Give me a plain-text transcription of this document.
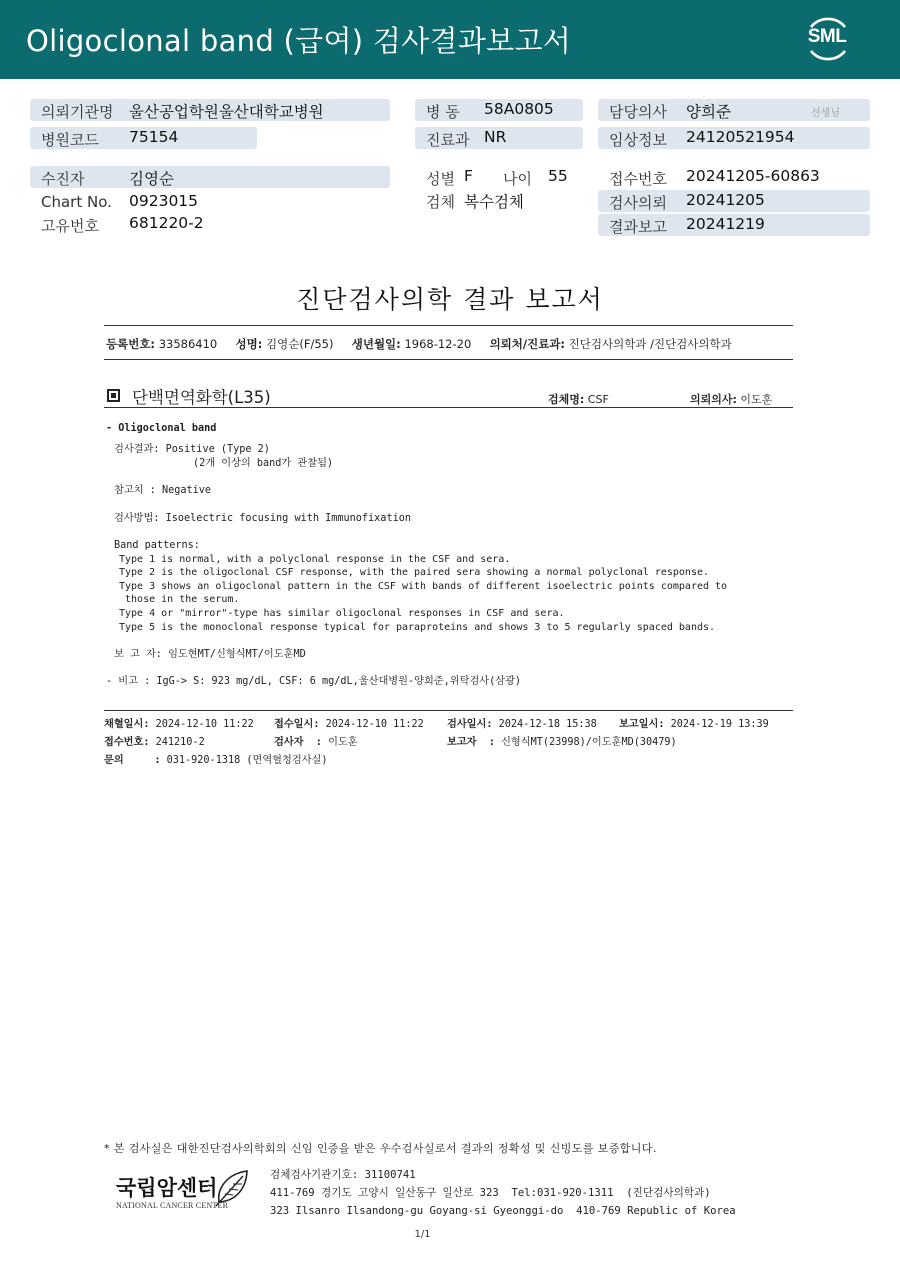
Oligoclonal band (급여) 검사결과보고서	SML
의뢰기관명 울산공업학원울산대학교병원
병원코드 75154
병 동 58A0805
진료과 NR
담당의사 양희준	선생님
임상정보 24120521954
수진자	김영순
Chart No. 0923015
고유번호 681220-2
성별 F 나이 55
검체 복수검체
접수번호 20241205-60863
검사의뢰 20241205
결과보고 20241219
진단검사의학 결과 보고서
등록번호: 33586410 성명: 김영순(F/55) 생년월일: 1968-12-20 의뢰처/진료과: 진단검사의학과 /진단검사의학과
단백면역화학(L35)	검체명: CSF	의뢰의사: 이도훈
- Oligoclonal band
검사결과: Positive (Type 2)
(2개 이상의 band가 관찰됨)
참고치 : Negative
검사방법: Isoelectric focusing with Immunofixation
Band patterns:
Type 1 is normal, with a polyclonal response in the CSF and sera.
Type 2 is the oligoclonal CSF response, with the paired sera showing a normal polyclonal response.
Type 3 shows an oligoclonal pattern in the CSF with bands of different isoelectric points compared to
those in the serum.
Type 4 or "mirror"-type has similar oligoclonal responses in CSF and sera.
Type 5 is the monoclonal response typical for paraproteins and shows 3 to 5 regularly spaced bands.
보 고 자: 임도현MT/신형식MT/이도훈MD
- 비고 : IgG-> S: 923 mg/dL, CSF: 6 mg/dL,울산대병원-양희준,위탁검사(삼광)
채혈일시: 2024-12-10 11:22 접수일시: 2024-12-10 11:22 검사일시: 2024-12-18 15:38 보고일시: 2024-12-19 13:39
접수번호: 241210-2	검사자  : 이도훈	보고자  : 신형식MT(23998)/이도훈MD(30479)
문의     : 031-920-1318 (면역혈청검사실)
* 본 검사실은 대한진단검사의학회의 신임 인증을 받은 우수검사실로서 결과의 정확성 및 신빙도를 보증합니다.
국립암센터
NATIONAL CANCER CENTER
검체검사기관기호: 31100741
411-769 경기도 고양시 일산동구 일산로 323  Tel:031-920-1311  (진단검사의학과)
323 Ilsanro Ilsandong-gu Goyang-si Gyeonggi-do  410-769 Republic of Korea
1/1
